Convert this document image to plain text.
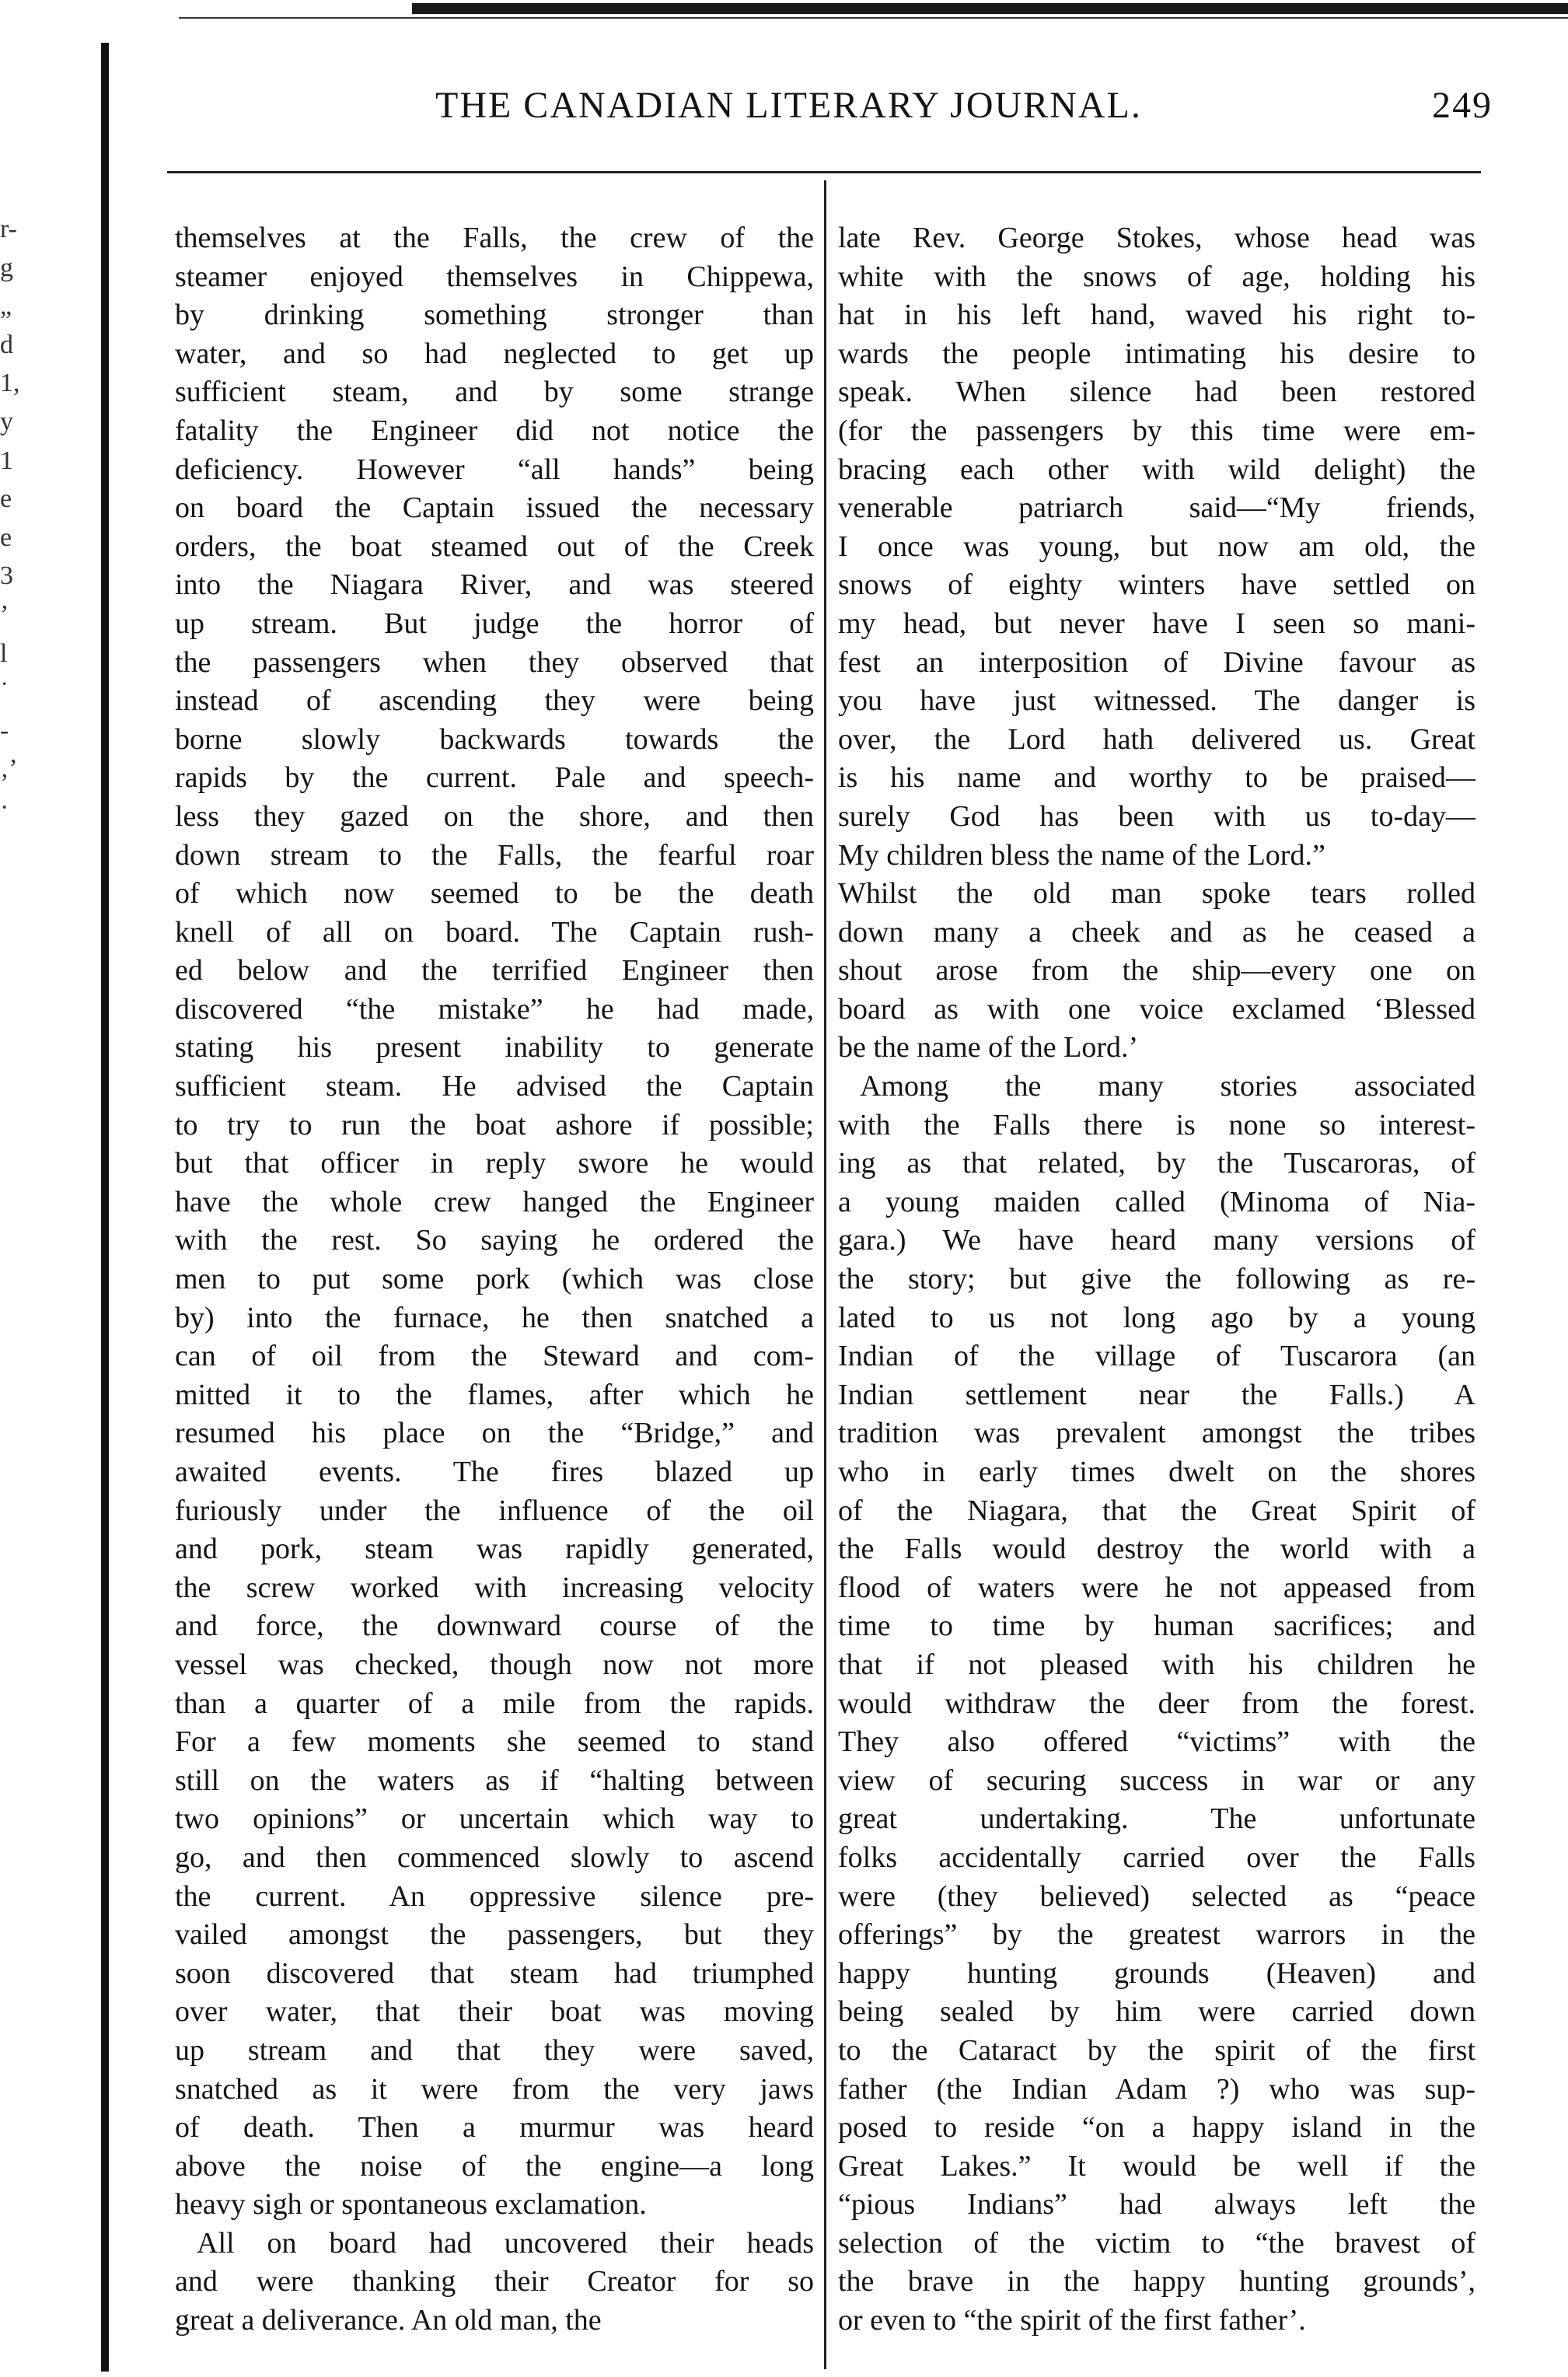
r-
g
„
d
1,
y
1
e
e
3
’
l
˙
-
‚’
·
THE CANADIAN LITERARY JOURNAL.	249
themselves at the Falls, the crew of the
steamer enjoyed themselves in Chippewa,
by drinking something stronger than
water, and so had neglected to get up
sufficient steam, and by some strange
fatality the Engineer did not notice the
deficiency. However “all hands” being
on board the Captain issued the necessary
orders, the boat steamed out of the Creek
into the Niagara River, and was steered
up stream. But judge the horror of
the passengers when they observed that
instead of ascending they were being
borne slowly backwards towards the
rapids by the current. Pale and speech-
less they gazed on the shore, and then
down stream to the Falls, the fearful roar
of which now seemed to be the death
knell of all on board. The Captain rush-
ed below and the terrified Engineer then
discovered “the mistake” he had made,
stating his present inability to generate
sufficient steam. He advised the Captain
to try to run the boat ashore if possible;
but that officer in reply swore he would
have the whole crew hanged the Engineer
with the rest. So saying he ordered the
men to put some pork (which was close
by) into the furnace, he then snatched a
can of oil from the Steward and com-
mitted it to the flames, after which he
resumed his place on the “Bridge,” and
awaited events. The fires blazed up
furiously under the influence of the oil
and pork, steam was rapidly generated,
the screw worked with increasing velocity
and force, the downward course of the
vessel was checked, though now not more
than a quarter of a mile from the rapids.
For a few moments she seemed to stand
still on the waters as if “halting between
two opinions” or uncertain which way to
go, and then commenced slowly to ascend
the current. An oppressive silence pre-
vailed amongst the passengers, but they
soon discovered that steam had triumphed
over water, that their boat was moving
up stream and that they were saved,
snatched as it were from the very jaws
of death. Then a murmur was heard
above the noise of the engine—a long
heavy sigh or spontaneous exclamation.
All on board had uncovered their heads
and were thanking their Creator for so
great a deliverance. An old man, the
late Rev. George Stokes, whose head was
white with the snows of age, holding his
hat in his left hand, waved his right to-
wards the people intimating his desire to
speak. When silence had been restored
(for the passengers by this time were em-
bracing each other with wild delight) the
venerable patriarch said—“My friends,
I once was young, but now am old, the
snows of eighty winters have settled on
my head, but never have I seen so mani-
fest an interposition of Divine favour as
you have just witnessed. The danger is
over, the Lord hath delivered us. Great
is his name and worthy to be praised—
surely God has been with us to-day—
My children bless the name of the Lord.”
Whilst the old man spoke tears rolled
down many a cheek and as he ceased a
shout arose from the ship—every one on
board as with one voice exclamed ‘Blessed
be the name of the Lord.’
Among the many stories associated
with the Falls there is none so interest-
ing as that related, by the Tuscaroras, of
a young maiden called (Minoma of Nia-
gara.) We have heard many versions of
the story; but give the following as re-
lated to us not long ago by a young
Indian of the village of Tuscarora (an
Indian settlement near the Falls.) A
tradition was prevalent amongst the tribes
who in early times dwelt on the shores
of the Niagara, that the Great Spirit of
the Falls would destroy the world with a
flood of waters were he not appeased from
time to time by human sacrifices; and
that if not pleased with his children he
would withdraw the deer from the forest.
They also offered “victims” with the
view of securing success in war or any
great undertaking. The unfortunate
folks accidentally carried over the Falls
were (they believed) selected as “peace
offerings” by the greatest warrors in the
happy hunting grounds (Heaven) and
being sealed by him were carried down
to the Cataract by the spirit of the first
father (the Indian Adam ?) who was sup-
posed to reside “on a happy island in the
Great Lakes.” It would be well if the
“pious Indians” had always left the
selection of the victim to “the bravest of
the brave in the happy hunting grounds’,
or even to “the spirit of the first father’.
